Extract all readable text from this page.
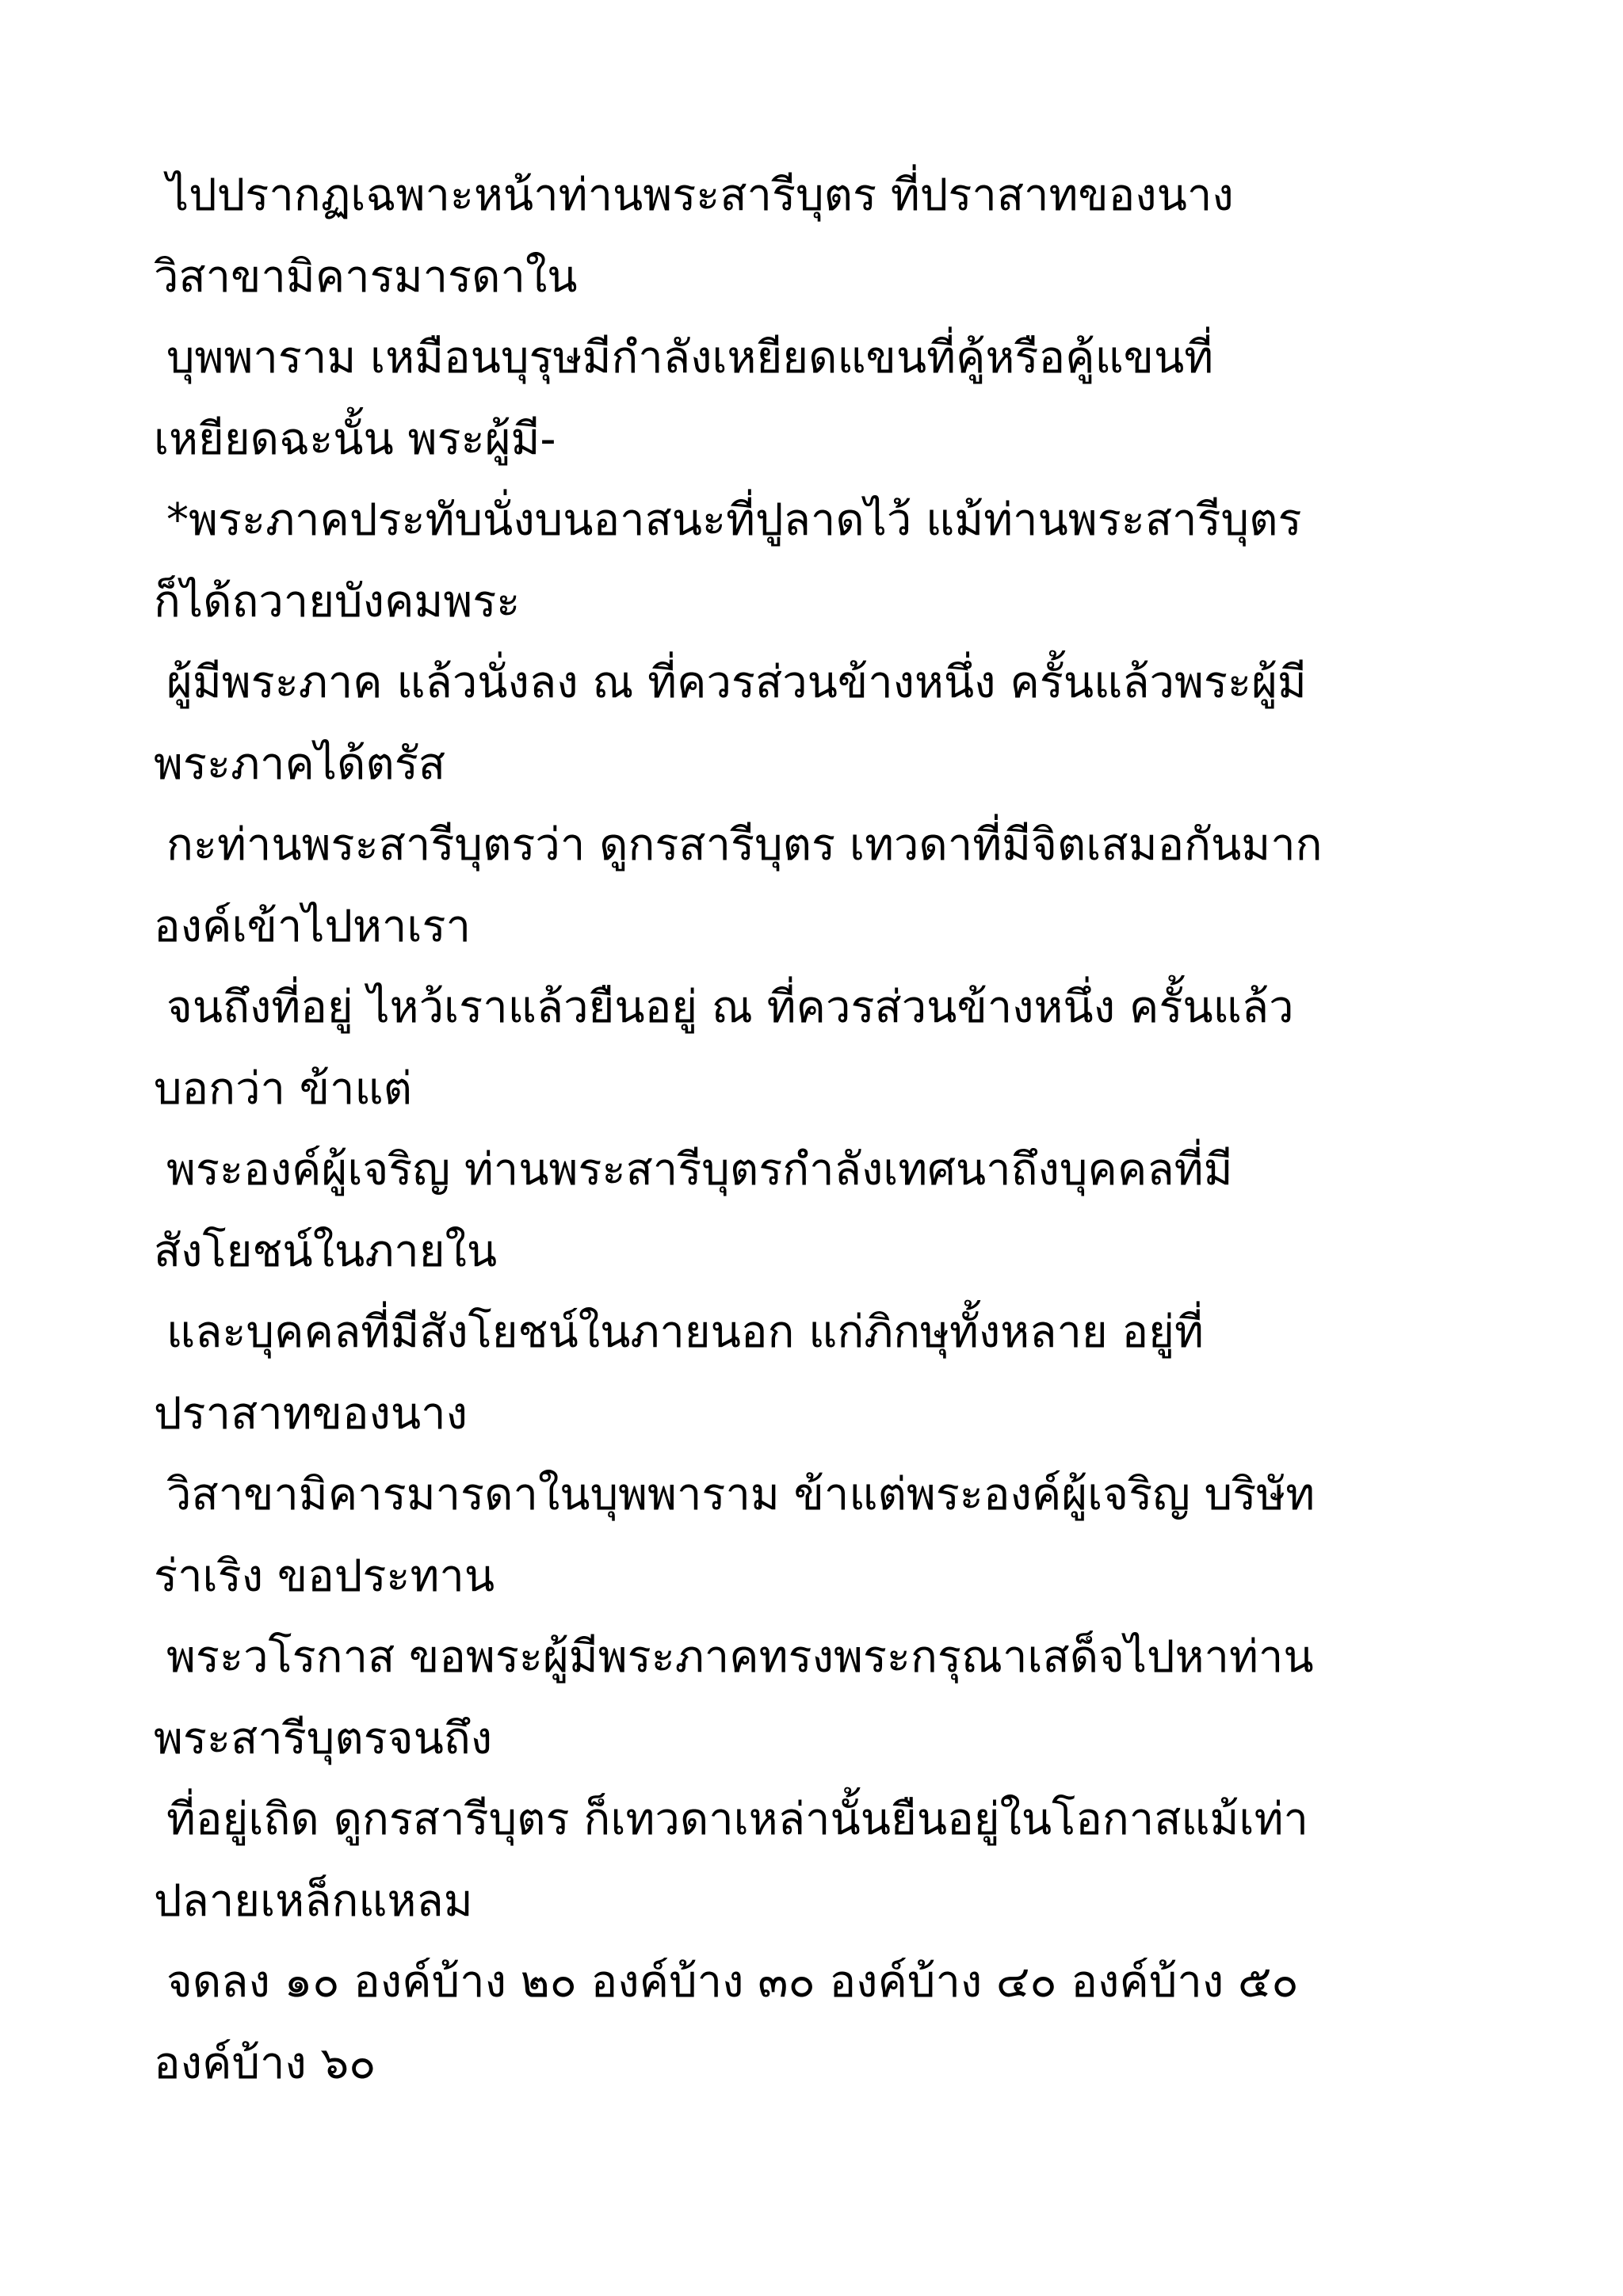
ไปปรากฏเฉพาะหน้าท่านพระสารีบุตร ที่ปราสาทของนาง
วิสาขามิคารมารดาใน
บุพพาราม เหมือนบุรุษมีกำลังเหยียดแขนที่คู้หรือคู้แขนที่
เหยียดฉะนั้น พระผู้มี-
*พระภาคประทับนั่งบนอาสนะที่ปูลาดไว้ แม้ท่านพระสารีบุตร
ก็ได้ถวายบังคมพระ
ผู้มีพระภาค แล้วนั่งลง ณ ที่ควรส่วนข้างหนึ่ง ครั้นแล้วพระผู้มี
พระภาคได้ตรัส
กะท่านพระสารีบุตรว่า ดูกรสารีบุตร เทวดาที่มีจิตเสมอกันมาก
องค์เข้าไปหาเรา
จนถึงที่อยู่ ไหว้เราแล้วยืนอยู่ ณ ที่ควรส่วนข้างหนึ่ง ครั้นแล้ว
บอกว่า ข้าแต่
พระองค์ผู้เจริญ ท่านพระสารีบุตรกำลังเทศนาถึงบุคคลที่มี
สังโยชน์ในภายใน
และบุคคลที่มีสังโยชน์ในภายนอก แก่ภิกษุทั้งหลาย อยู่ที่
ปราสาทของนาง
วิสาขามิคารมารดาในบุพพาราม ข้าแต่พระองค์ผู้เจริญ บริษัท
ร่าเริง ขอประทาน
พระวโรกาส ขอพระผู้มีพระภาคทรงพระกรุณาเสด็จไปหาท่าน
พระสารีบุตรจนถึง
ที่อยู่เถิด ดูกรสารีบุตร ก็เทวดาเหล่านั้นยืนอยู่ในโอกาสแม้เท่า
ปลายเหล็กแหลม
จดลง ๑๐ องค์บ้าง ๒๐ องค์บ้าง ๓๐ องค์บ้าง ๔๐ องค์บ้าง ๕๐
องค์บ้าง ๖๐
